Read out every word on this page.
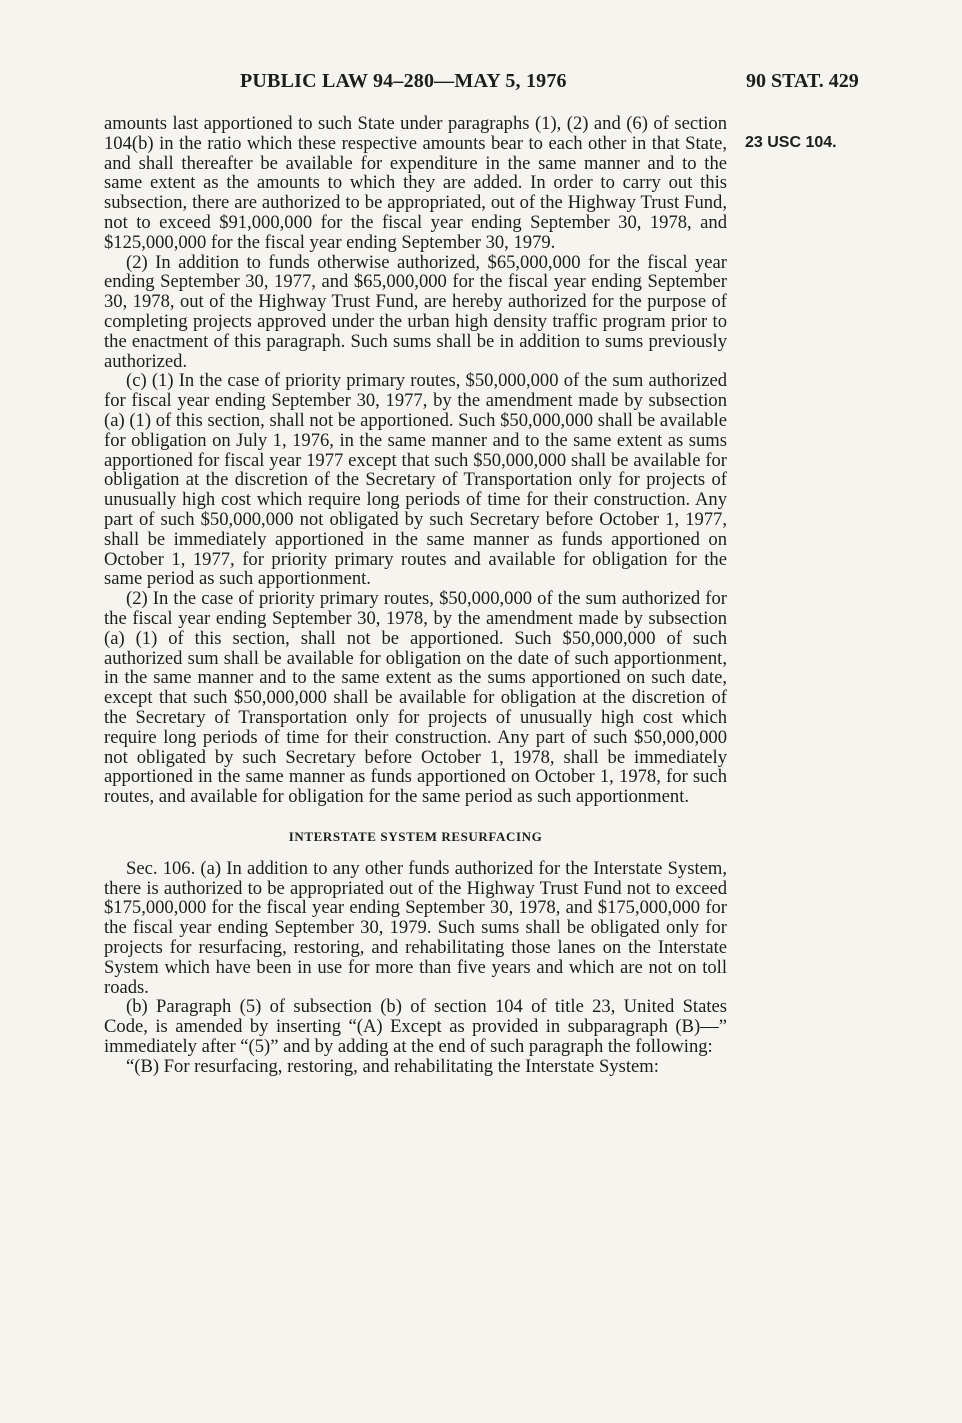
PUBLIC LAW 94–280—MAY 5, 1976	90 STAT. 429
23 USC 104.

amounts last apportioned to such State under paragraphs (1), (2) and (6) of section 104(b) in the ratio which these respective amounts bear to each other in that State, and shall thereafter be available for expenditure in the same manner and to the same extent as the amounts to which they are added. In order to carry out this subsection, there are authorized to be appropriated, out of the Highway Trust Fund, not to exceed $91,000,000 for the fiscal year ending September 30, 1978, and $125,000,000 for the fiscal year ending September 30, 1979.

(2) In addition to funds otherwise authorized, $65,000,000 for the fiscal year ending September 30, 1977, and $65,000,000 for the fiscal year ending September 30, 1978, out of the Highway Trust Fund, are hereby authorized for the purpose of completing projects approved under the urban high density traffic program prior to the enactment of this paragraph. Such sums shall be in addition to sums previously authorized.

(c) (1) In the case of priority primary routes, $50,000,000 of the sum authorized for fiscal year ending September 30, 1977, by the amendment made by subsection (a) (1) of this section, shall not be apportioned. Such $50,000,000 shall be available for obligation on July 1, 1976, in the same manner and to the same extent as sums apportioned for fiscal year 1977 except that such $50,000,000 shall be available for obligation at the discretion of the Secretary of Transportation only for projects of unusually high cost which require long periods of time for their construction. Any part of such $50,000,000 not obligated by such Secretary before October 1, 1977, shall be immediately apportioned in the same manner as funds apportioned on October 1, 1977, for priority primary routes and available for obligation for the same period as such apportionment.

(2) In the case of priority primary routes, $50,000,000 of the sum authorized for the fiscal year ending September 30, 1978, by the amendment made by subsection (a) (1) of this section, shall not be apportioned. Such $50,000,000 of such authorized sum shall be available for obligation on the date of such apportionment, in the same manner and to the same extent as the sums apportioned on such date, except that such $50,000,000 shall be available for obligation at the discretion of the Secretary of Transportation only for projects of unusually high cost which require long periods of time for their construction. Any part of such $50,000,000 not obligated by such Secretary before October 1, 1978, shall be immediately apportioned in the same manner as funds apportioned on October 1, 1978, for such routes, and available for obligation for the same period as such apportionment.

INTERSTATE SYSTEM RESURFACING

Sec. 106. (a) In addition to any other funds authorized for the Interstate System, there is authorized to be appropriated out of the Highway Trust Fund not to exceed $175,000,000 for the fiscal year ending September 30, 1978, and $175,000,000 for the fiscal year ending September 30, 1979. Such sums shall be obligated only for projects for resurfacing, restoring, and rehabilitating those lanes on the Interstate System which have been in use for more than five years and which are not on toll roads.

(b) Paragraph (5) of subsection (b) of section 104 of title 23, United States Code, is amended by inserting “(A) Except as provided in subparagraph (B)—” immediately after “(5)” and by adding at the end of such paragraph the following:

“(B) For resurfacing, restoring, and rehabilitating the Interstate System:
